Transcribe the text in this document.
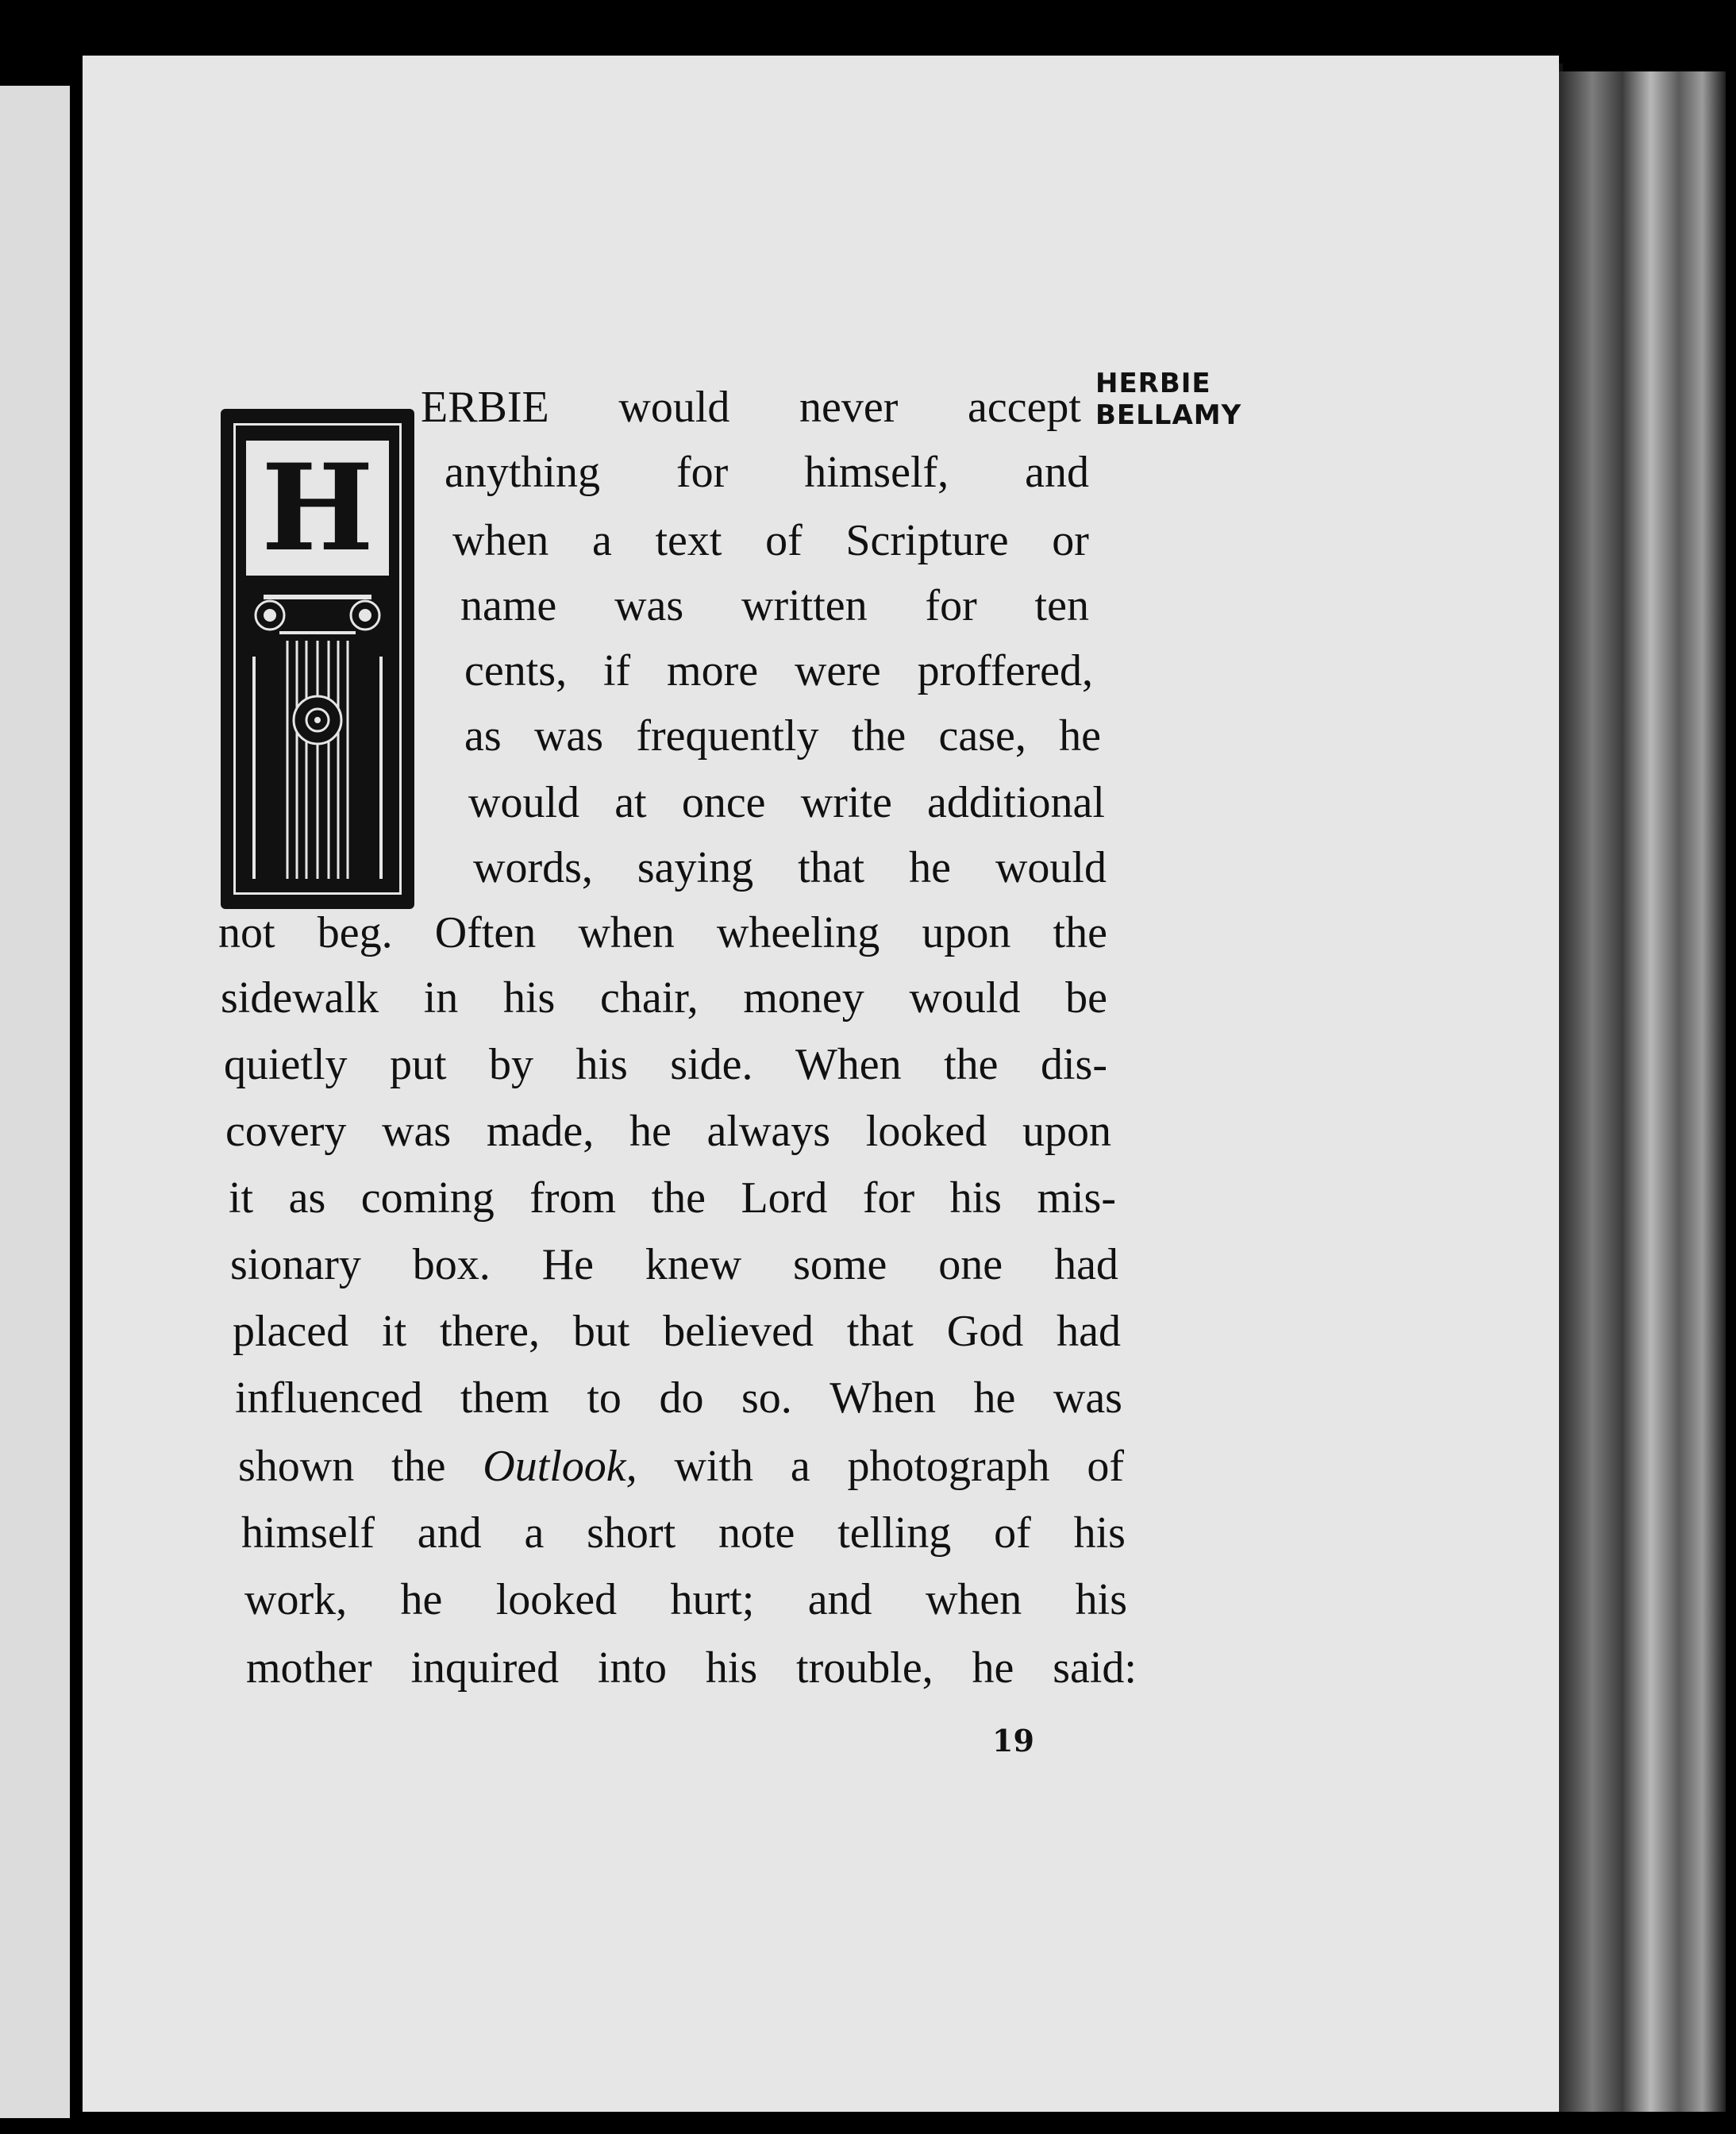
H
HERBIE
BELLAMY
ERBIE would never accept
anything for himself, and
when a text of Scripture or
name was written for ten
cents, if more were proffered,
as was frequently the case, he
would at once write additional
words, saying that he would
not beg. Often when wheeling upon the
sidewalk in his chair, money would be
quietly put by his side. When the dis-
covery was made, he always looked upon
it as coming from the Lord for his mis-
sionary box. He knew some one had
placed it there, but believed that God had
influenced them to do so. When he was
shown the Outlook, with a photograph of
himself and a short note telling of his
work, he looked hurt; and when his
mother inquired into his trouble, he said:
19
